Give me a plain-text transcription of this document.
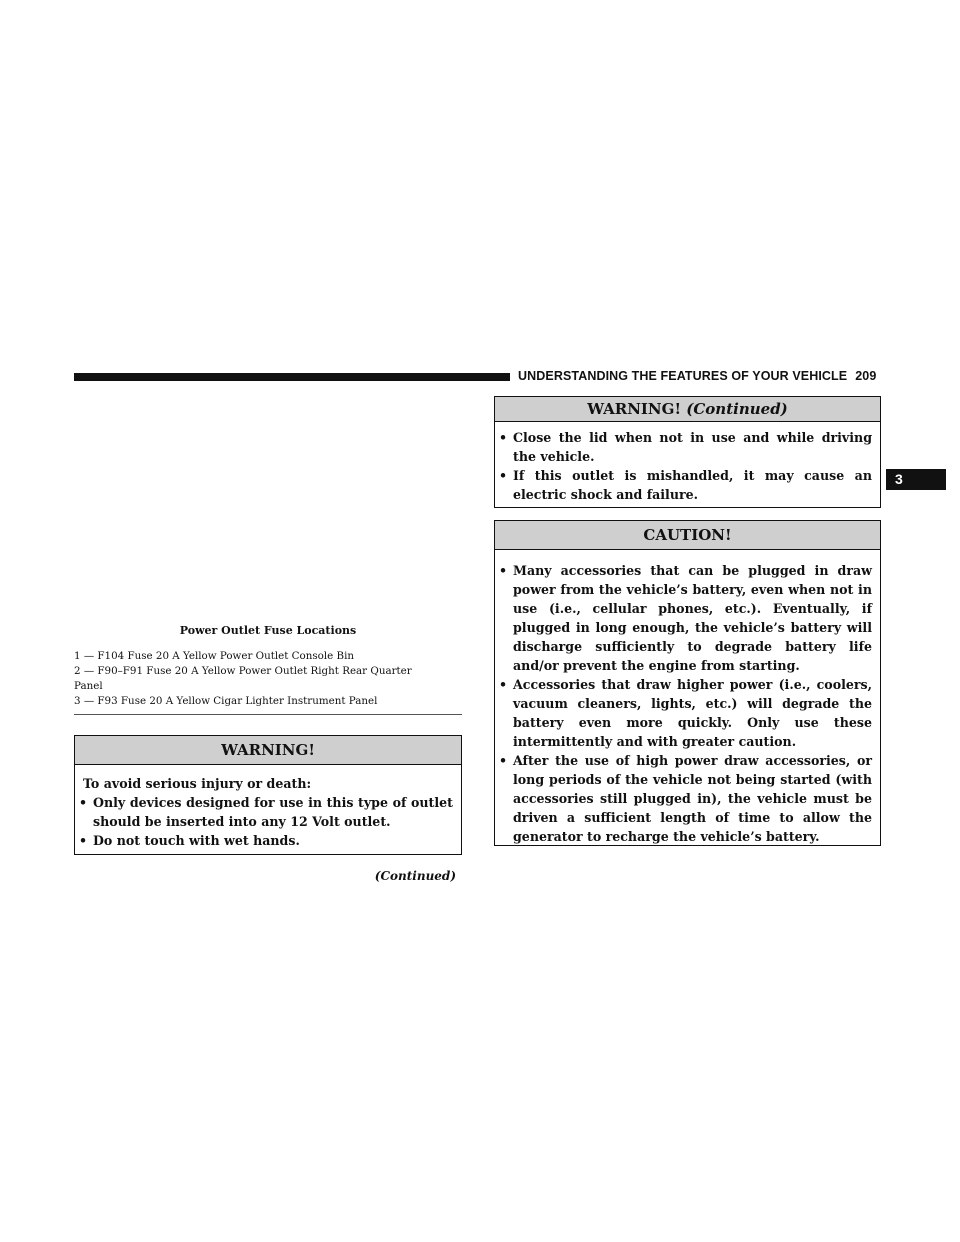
UNDERSTANDING THE FEATURES OF YOUR VEHICLE 209
3
Power Outlet Fuse Locations
1 — F104 Fuse 20 A Yellow Power Outlet Console Bin
2 — F90–F91 Fuse 20 A Yellow Power Outlet Right Rear Quarter
Panel
3 — F93 Fuse 20 A Yellow Cigar Lighter Instrument Panel
WARNING!
To avoid serious injury or death:
• Only devices designed for use in this type of outlet should be inserted into any 12 Volt outlet.
• Do not touch with wet hands.
(Continued)
WARNING! (Continued)
• Close the lid when not in use and while driving the vehicle.
• If this outlet is mishandled, it may cause an electric shock and failure.
CAUTION!
• Many accessories that can be plugged in draw power from the vehicle’s battery, even when not in use (i.e., cellular phones, etc.). Eventually, if plugged in long enough, the vehicle’s battery will discharge sufficiently to degrade battery life and/or prevent the engine from starting.
• Accessories that draw higher power (i.e., coolers, vacuum cleaners, lights, etc.) will degrade the battery even more quickly. Only use these intermittently and with greater caution.
• After the use of high power draw accessories, or long periods of the vehicle not being started (with accessories still plugged in), the vehicle must be driven a sufficient length of time to allow the generator to recharge the vehicle’s battery.
